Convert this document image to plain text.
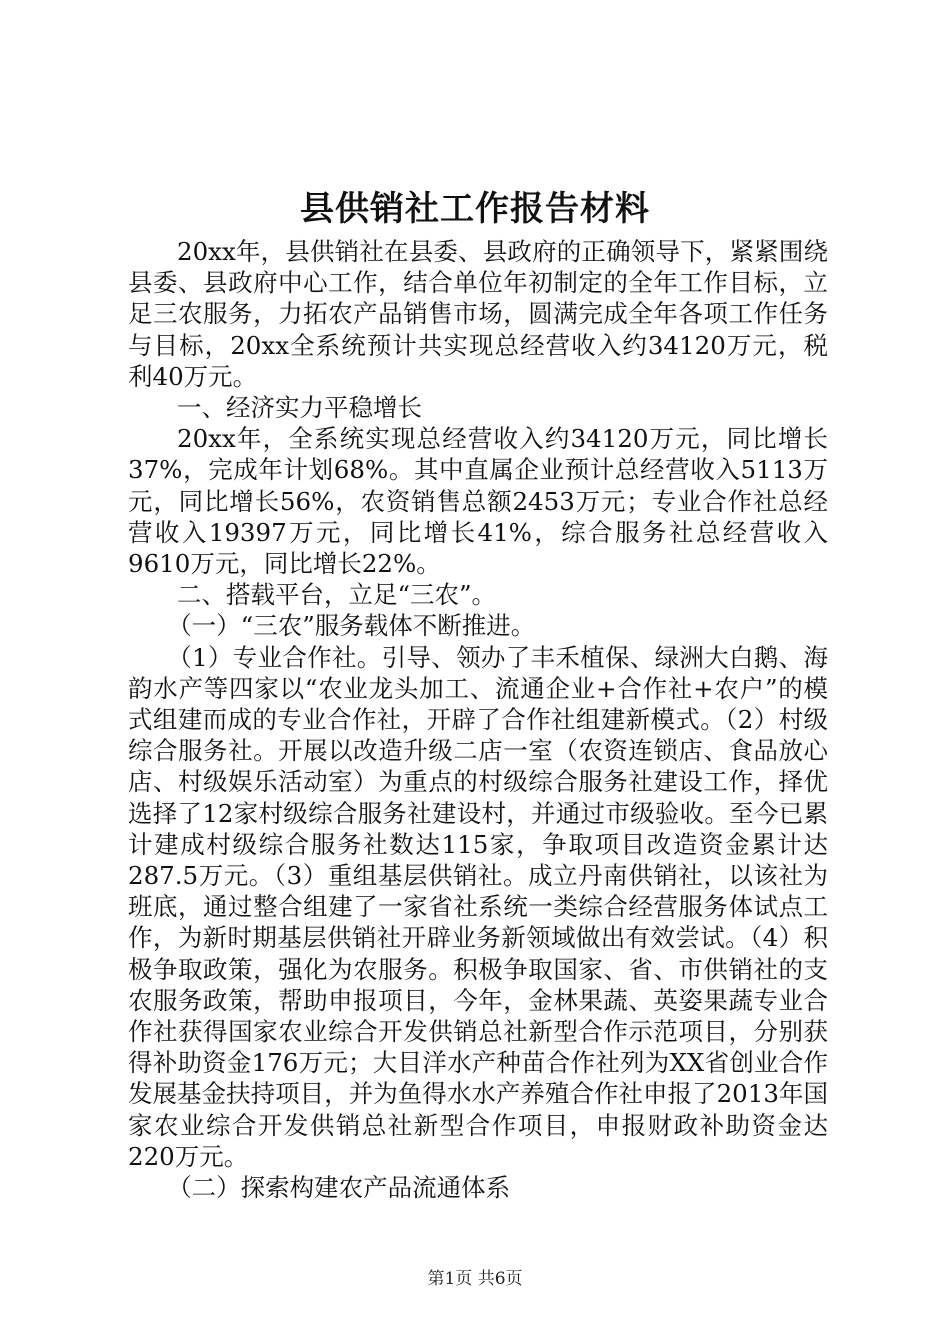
县供销社工作报告材料

20xx年，县供销社在县委、县政府的正确领导下，紧紧围绕县委、县政府中心工作，结合单位年初制定的全年工作目标，立足三农服务，力拓农产品销售市场，圆满完成全年各项工作任务与目标，20xx全系统预计共实现总经营收入约34120万元，税利40万元。

一、经济实力平稳增长

20xx年，全系统实现总经营收入约34120万元，同比增长37%，完成年计划68%。其中直属企业预计总经营收入5113万元，同比增长56%，农资销售总额2453万元；专业合作社总经营收入19397万元，同比增长41%，综合服务社总经营收入9610万元，同比增长22%。

二、搭载平台，立足“三农”。

（一）“三农”服务载体不断推进。

（1）专业合作社。引导、领办了丰禾植保、绿洲大白鹅、海韵水产等四家以“农业龙头加工、流通企业+合作社+农户”的模式组建而成的专业合作社，开辟了合作社组建新模式。（2）村级综合服务社。开展以改造升级二店一室（农资连锁店、食品放心店、村级娱乐活动室）为重点的村级综合服务社建设工作，择优选择了12家村级综合服务社建设村，并通过市级验收。至今已累计建成村级综合服务社数达115家，争取项目改造资金累计达287.5万元。（3）重组基层供销社。成立丹南供销社，以该社为班底，通过整合组建了一家省社系统一类综合经营服务体试点工作，为新时期基层供销社开辟业务新领域做出有效尝试。（4）积极争取政策，强化为农服务。积极争取国家、省、市供销社的支农服务政策，帮助申报项目，今年，金林果蔬、英姿果蔬专业合作社获得国家农业综合开发供销总社新型合作示范项目，分别获得补助资金176万元；大目洋水产种苗合作社列为XX省创业合作发展基金扶持项目，并为鱼得水水产养殖合作社申报了2013年国家农业综合开发供销总社新型合作项目，申报财政补助资金达220万元。

（二）探索构建农产品流通体系

第1页 共6页
